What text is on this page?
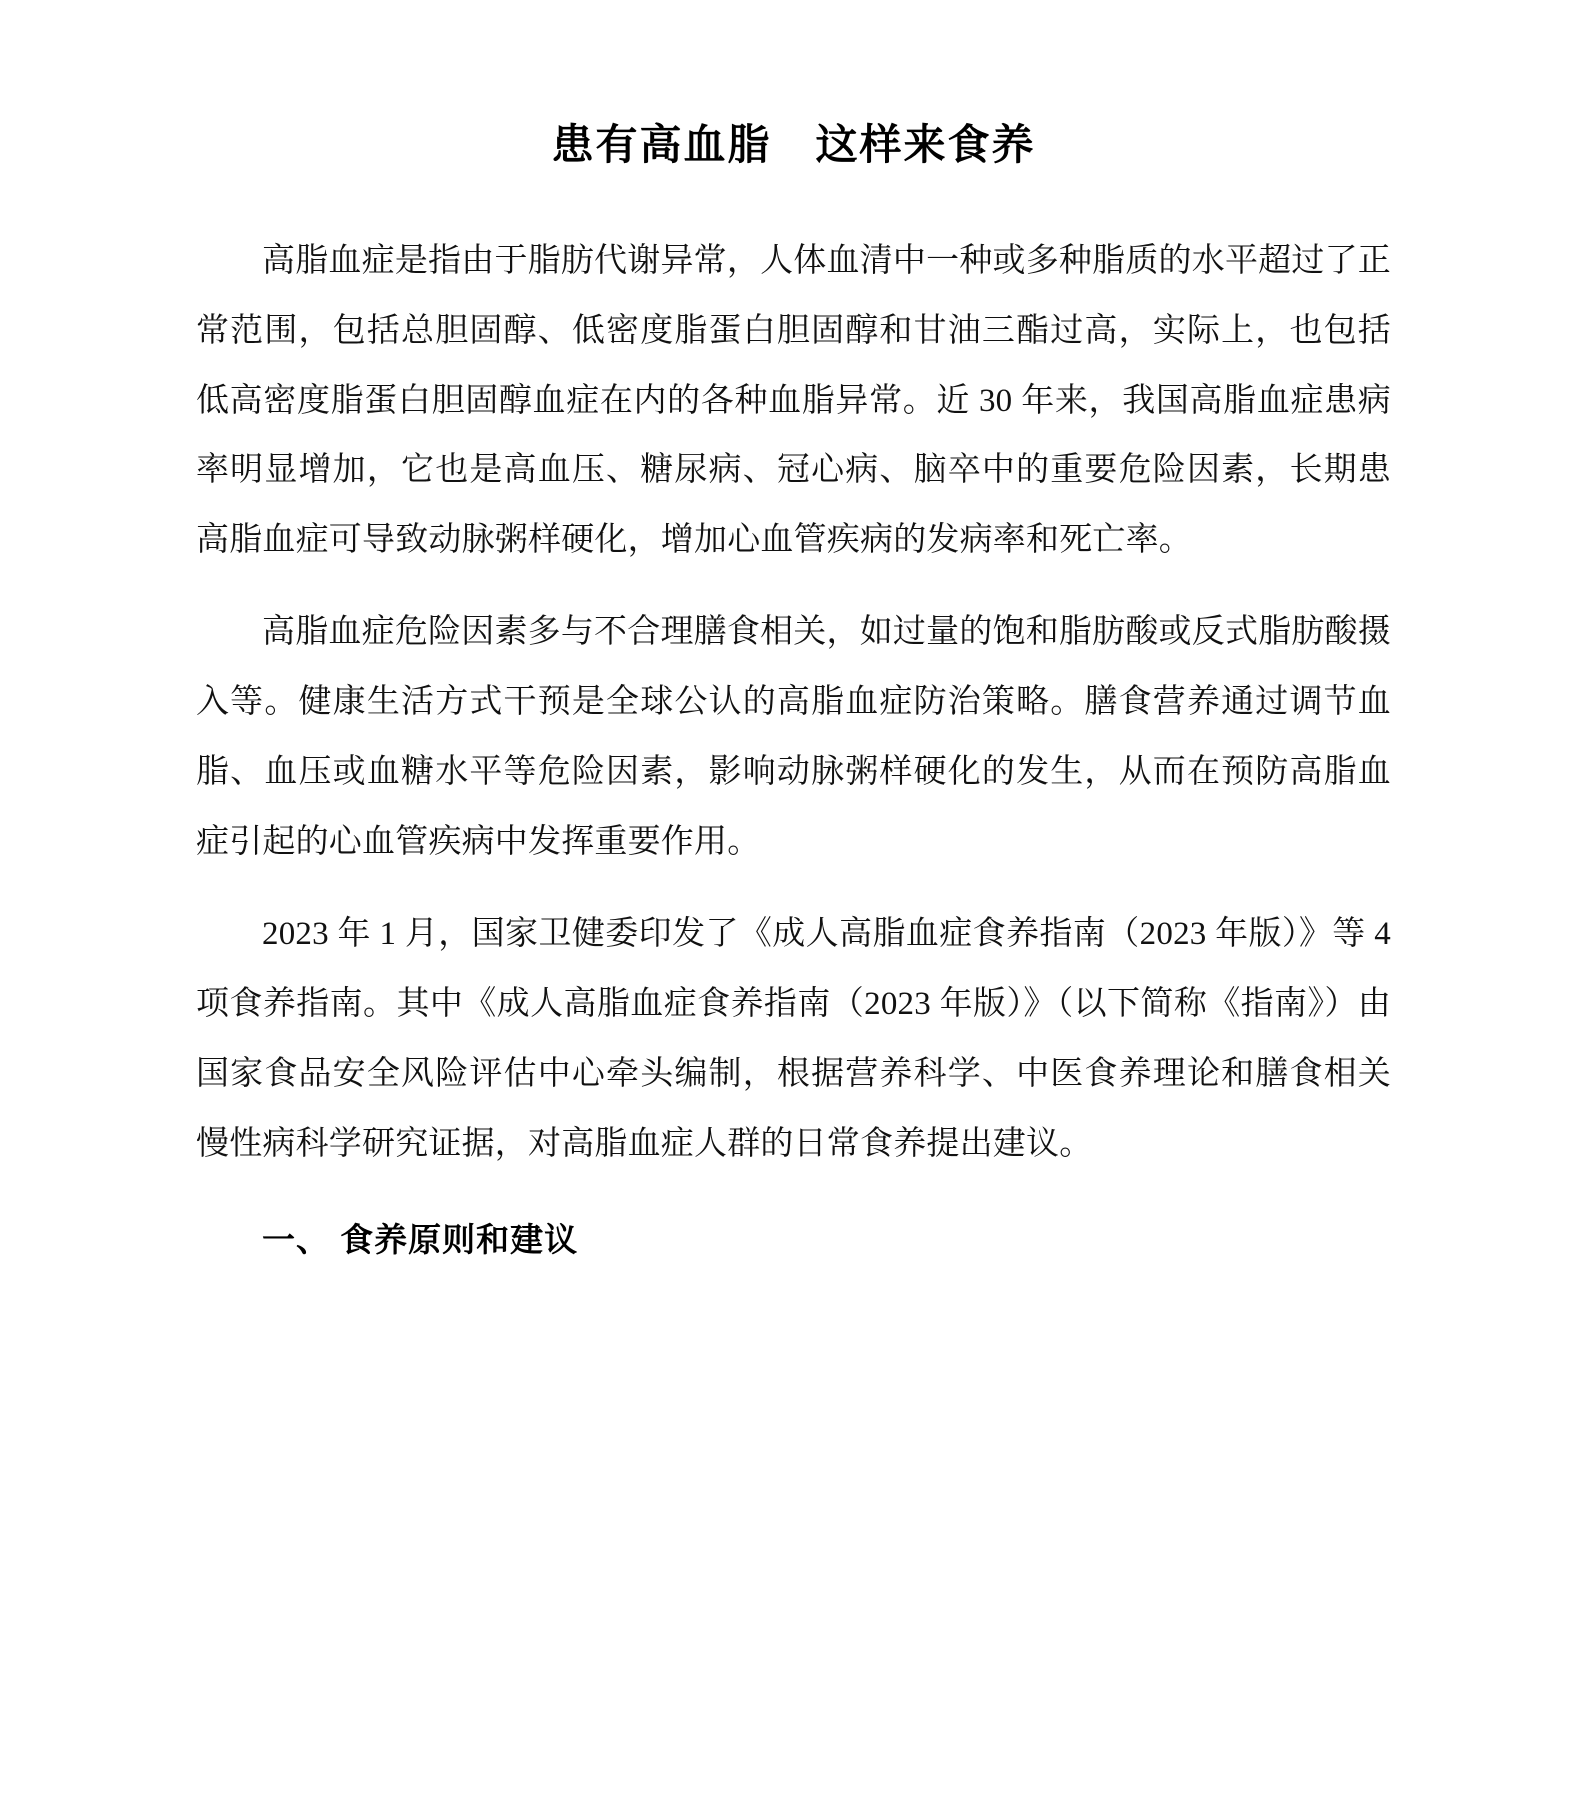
患有高血脂　这样来食养

高脂血症是指由于脂肪代谢异常，人体血清中一种或多种脂质的水平超过了正常范围，包括总胆固醇、低密度脂蛋白胆固醇和甘油三酯过高，实际上，也包括低高密度脂蛋白胆固醇血症在内的各种血脂异常。近 30 年来，我国高脂血症患病率明显增加，它也是高血压、糖尿病、冠心病、脑卒中的重要危险因素，长期患高脂血症可导致动脉粥样硬化，增加心血管疾病的发病率和死亡率。

高脂血症危险因素多与不合理膳食相关，如过量的饱和脂肪酸或反式脂肪酸摄入等。健康生活方式干预是全球公认的高脂血症防治策略。膳食营养通过调节血脂、血压或血糖水平等危险因素，影响动脉粥样硬化的发生，从而在预防高脂血症引起的心血管疾病中发挥重要作用。

2023 年 1 月，国家卫健委印发了《成人高脂血症食养指南（2023 年版）》等 4 项食养指南。其中《成人高脂血症食养指南（2023 年版）》（以下简称《指南》）由国家食品安全风险评估中心牵头编制，根据营养科学、中医食养理论和膳食相关慢性病科学研究证据，对高脂血症人群的日常食养提出建议。

一、 食养原则和建议
